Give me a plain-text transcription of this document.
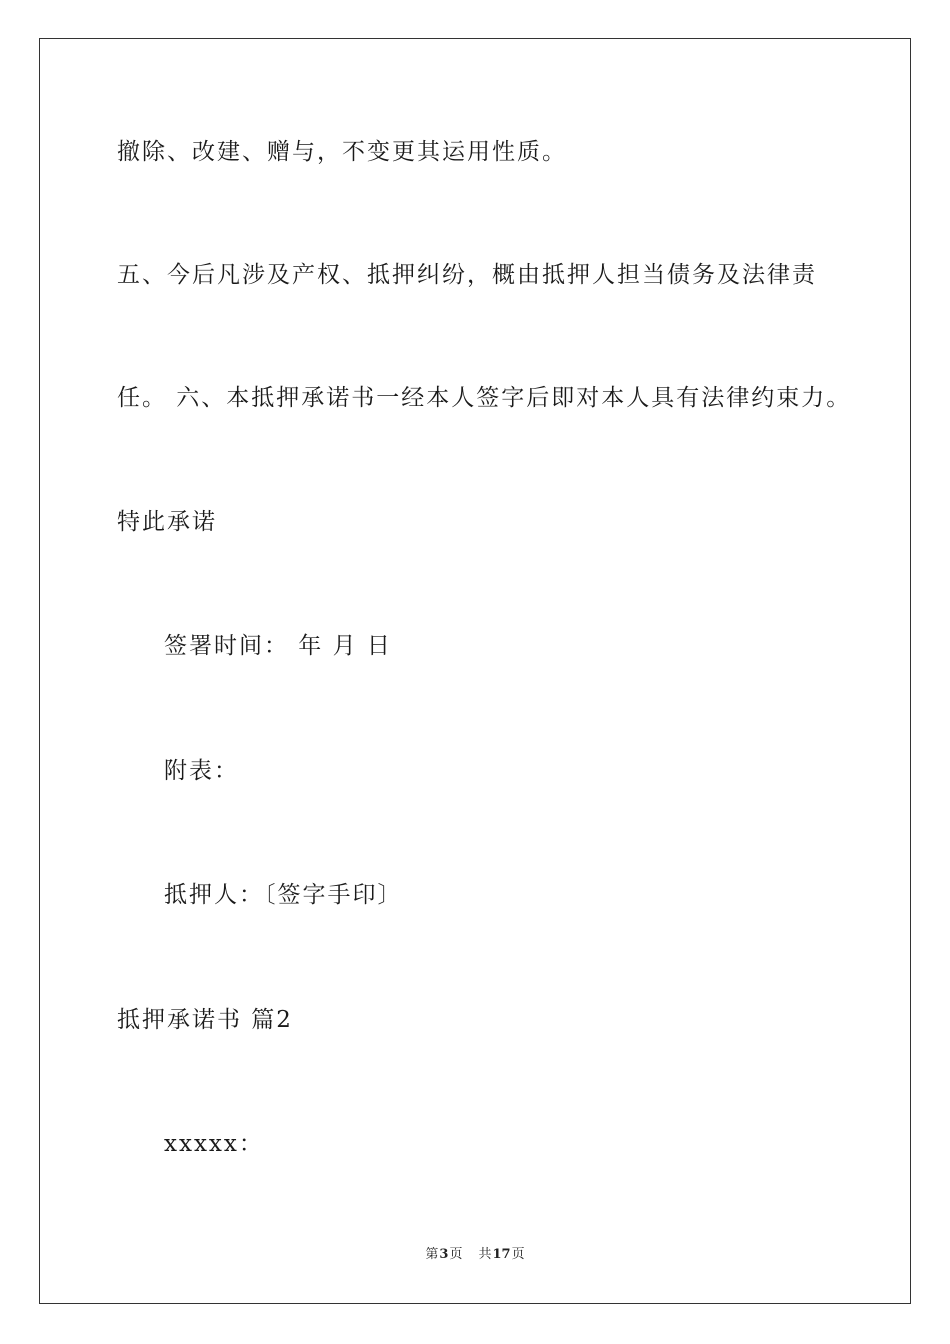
撤除、改建、赠与，不变更其运用性质。
五、今后凡涉及产权、抵押纠纷，概由抵押人担当债务及法律责
任。 六、本抵押承诺书一经本人签字后即对本人具有法律约束力。
特此承诺
签署时间： 年 月 日
附表：
抵押人：〔签字手印〕
抵押承诺书 篇2
xxxxx：
第3页 共17页
